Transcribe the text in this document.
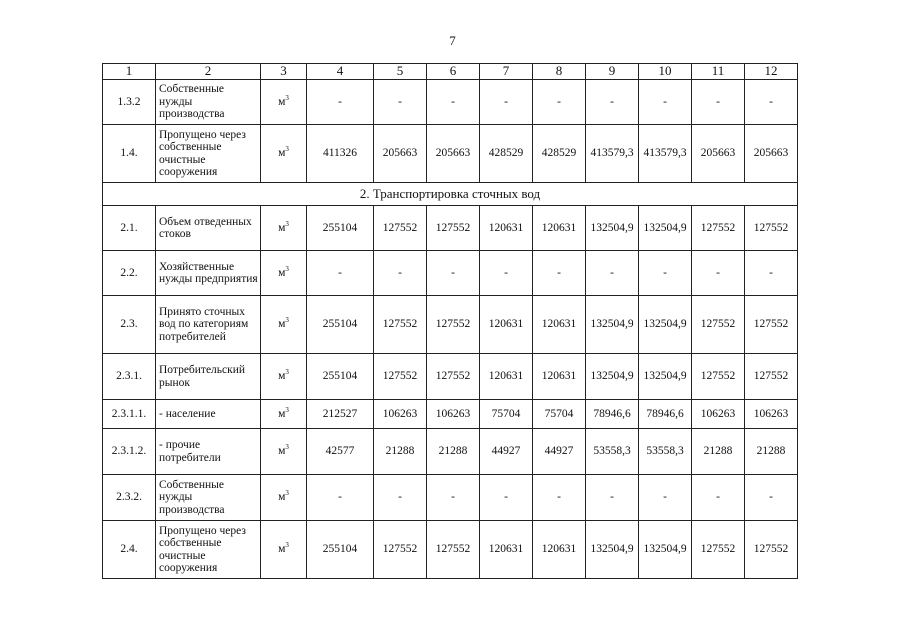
7
1	2	3	4	5	6	7	8	9	10	11	12
1.3.2	Собственные нужды производства	$м^3$	-	-	-	-	-	-	-	-	-
1.4.	Пропущено через собственные очистные сооружения	$м^3$	411326	205663	205663	428529	428529	413579,3	413579,3	205663	205663
2. Транспортировка сточных вод											
2.1.	Объем отведенных стоков	$м^3$	255104	127552	127552	120631	120631	132504,9	132504,9	127552	127552
2.2.	Хозяйственные нужды предприятия	$м^3$	-	-	-	-	-	-	-	-	-
2.3.	Принято сточных вод по категориям потребителей	$м^3$	255104	127552	127552	120631	120631	132504,9	132504,9	127552	127552
2.3.1.	Потребительский рынок	$м^3$	255104	127552	127552	120631	120631	132504,9	132504,9	127552	127552
2.3.1.1.	- население	$м^3$	212527	106263	106263	75704	75704	78946,6	78946,6	106263	106263
2.3.1.2.	- прочие потребители	$м^3$	42577	21288	21288	44927	44927	53558,3	53558,3	21288	21288
2.3.2.	Собственные нужды производства	$м^3$	-	-	-	-	-	-	-	-	-
2.4.	Пропущено через собственные очистные сооружения	$м^3$	255104	127552	127552	120631	120631	132504,9	132504,9	127552	127552
